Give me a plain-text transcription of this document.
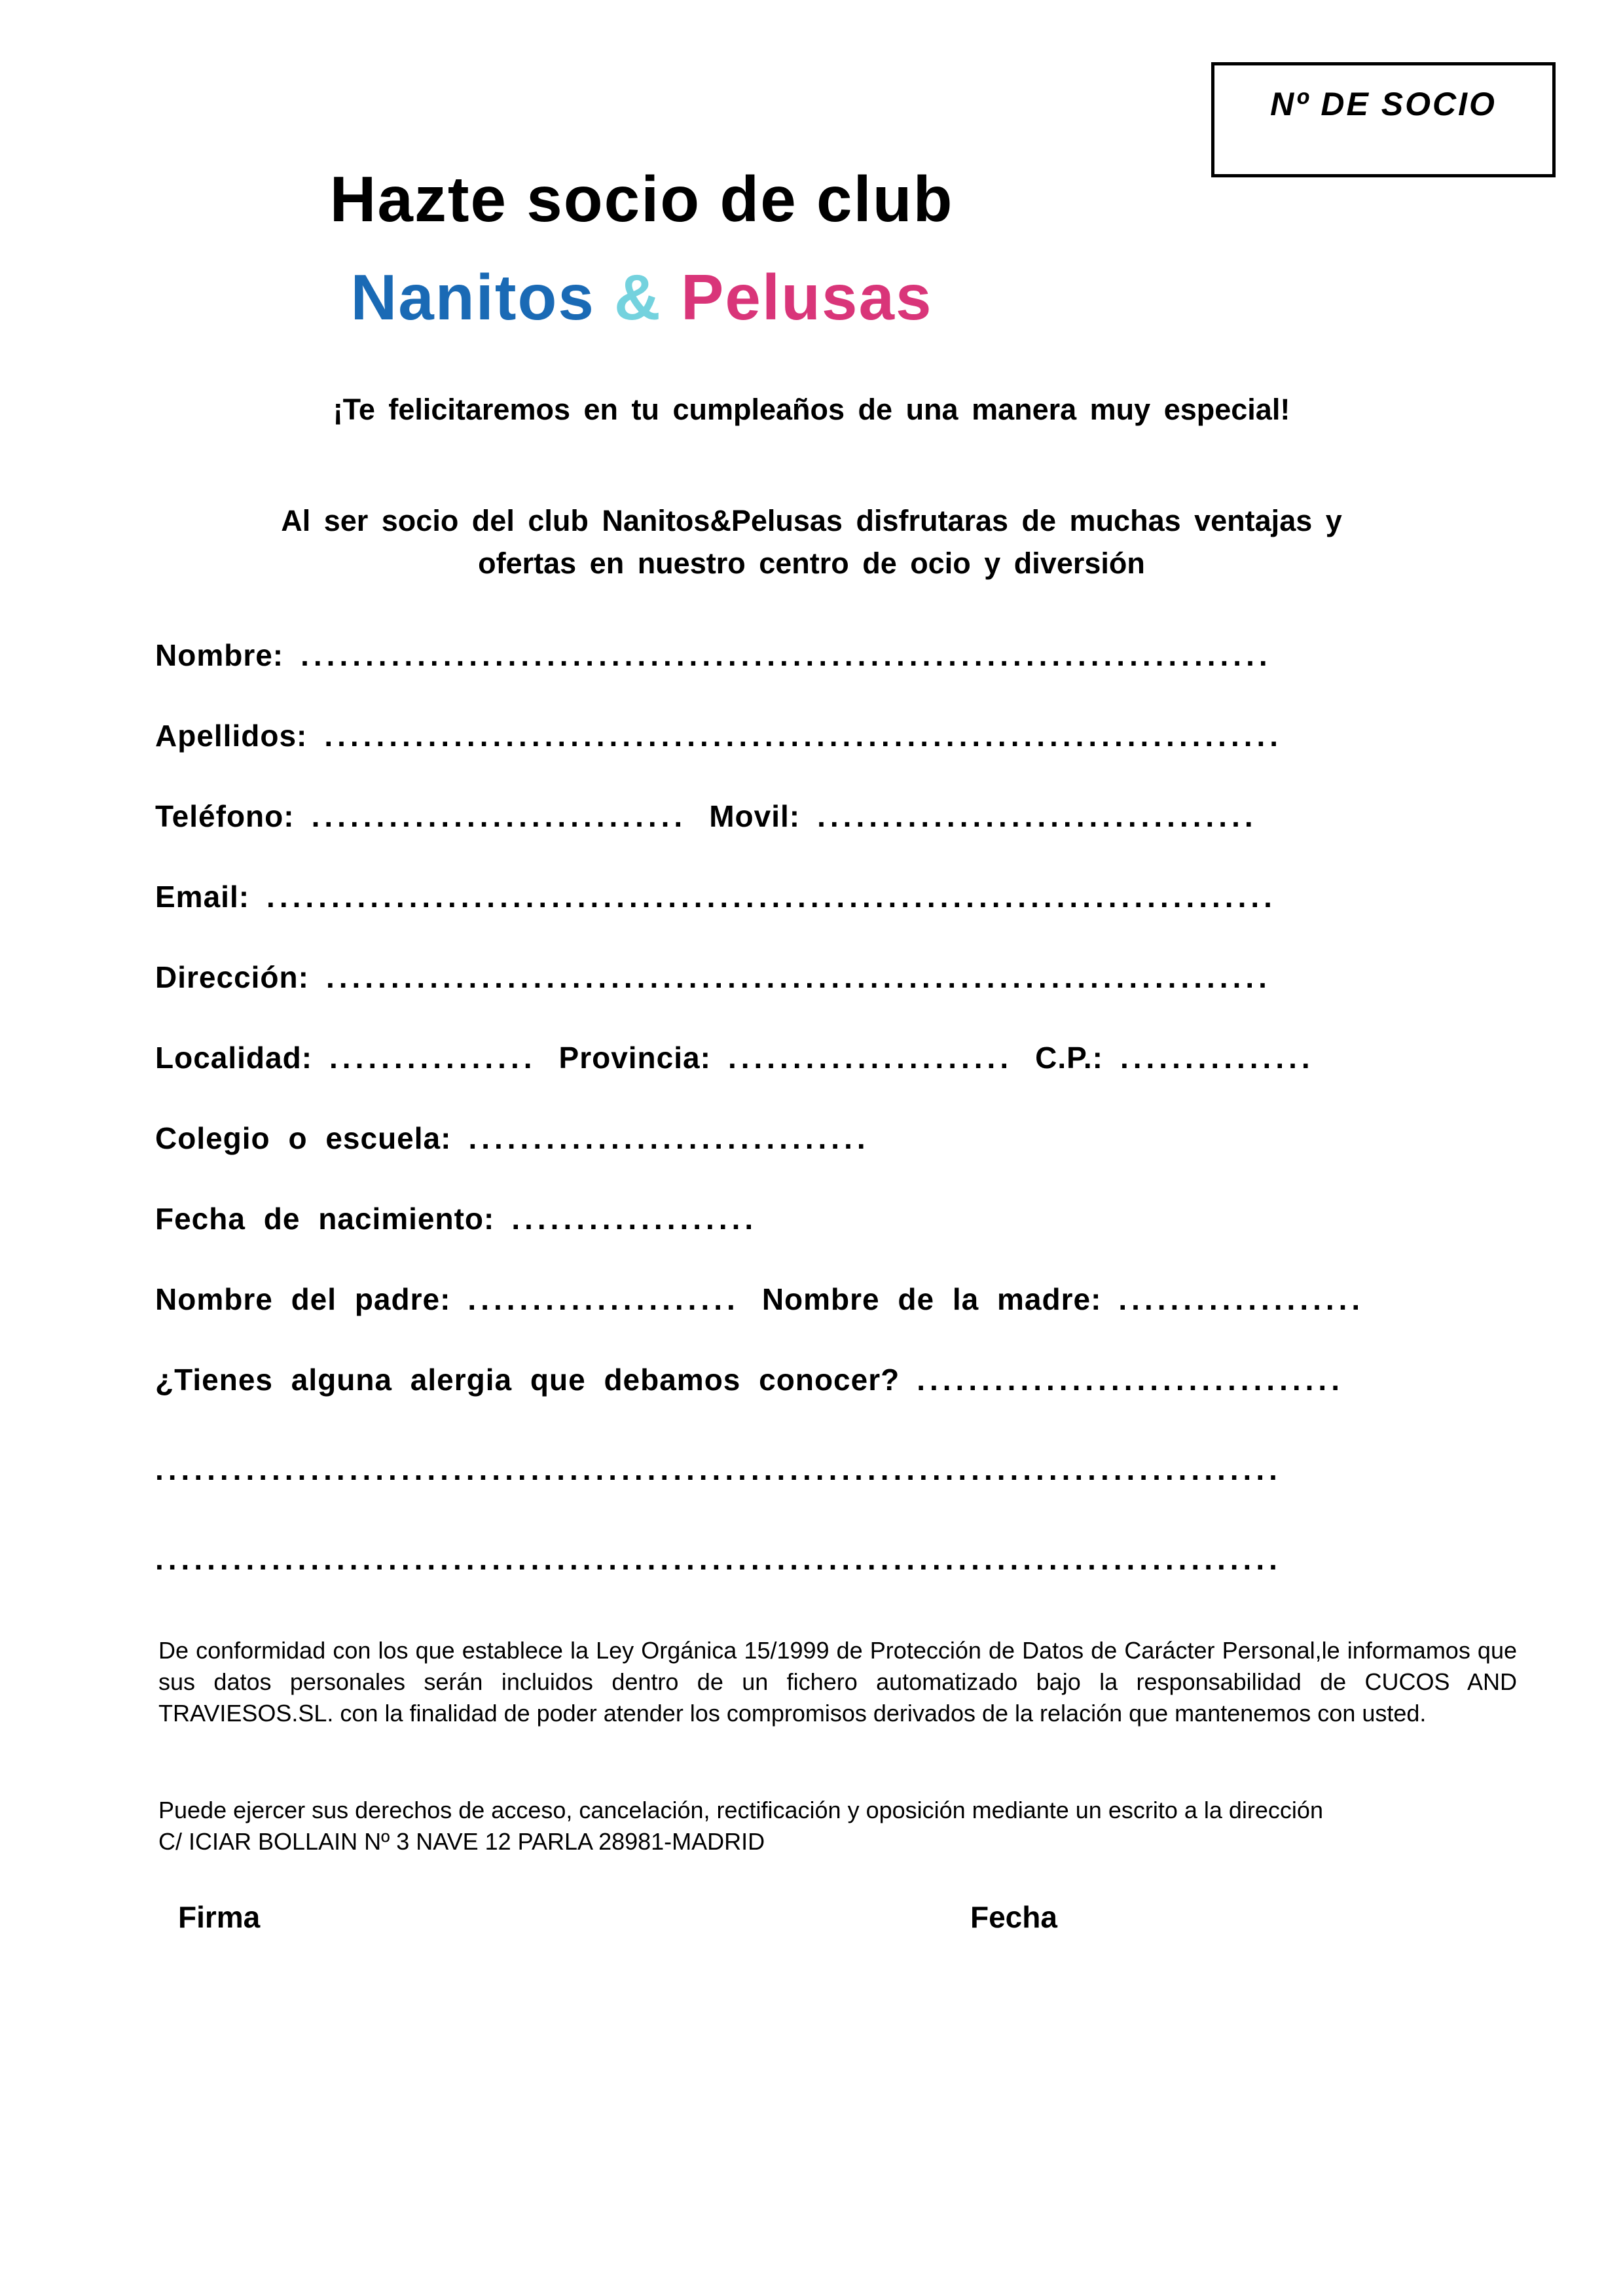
Nº DE SOCIO
Hazte socio de club
Nanitos & Pelusas
¡Te felicitaremos en tu cumpleaños de una manera muy especial!
Al ser socio del club Nanitos&Pelusas disfrutaras de muchas ventajas y
ofertas en nuestro centro de ocio y diversión
Nombre: ...........................................................................
Apellidos: ..........................................................................
Teléfono: ............................. Movil: ..................................
Email: ..............................................................................
Dirección: .........................................................................
Localidad: ................ Provincia: ...................... C.P.: ...............
Colegio o escuela: ...............................
Fecha de nacimiento: ...................
Nombre del padre: ..................... Nombre de la madre: ...................
¿Tienes alguna alergia que debamos conocer? .................................
.......................................................................................
.......................................................................................
De conformidad con los que establece la Ley Orgánica 15/1999 de Protección de Datos de Carácter Personal,le informamos que sus datos personales serán incluidos dentro de un fichero automatizado bajo la responsabilidad de CUCOS AND TRAVIESOS.SL. con la finalidad de poder atender los compromisos derivados de la relación que mantenemos con usted.
Puede ejercer sus derechos de acceso, cancelación, rectificación y oposición mediante un escrito a la dirección
C/ ICIAR BOLLAIN Nº 3 NAVE 12 PARLA 28981-MADRID
Firma	Fecha
